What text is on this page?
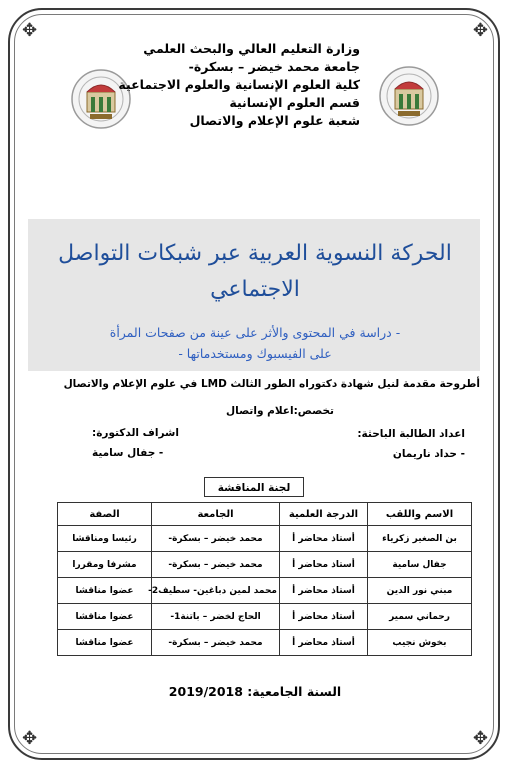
✥	✥
✥	✥
وزارة التعليم العالي والبحث العلمي
جامعة محمد خيضر – بسكرة-
كلية العلوم الإنسانية والعلوم الاجتماعية
قسم العلوم الإنسانية
شعبة علوم الإعلام والاتصال
الحركة النسوية العربية عبر شبكات التواصل الاجتماعي
- دراسة في المحتوى والأثر على عينة من صفحات المرأة
على الفيسبوك ومستخدماتها -
أطروحة مقدمة لنيل شهادة دكتوراه الطور الثالث LMD في علوم الإعلام والاتصال
تخصص:اعلام واتصال
اعداد الطالبة الباحثة:
- حداد ناريمان
اشراف الدكتورة:
- جفال سامية
لجنة المناقشة
الاسم واللقب	الدرجة العلمية	الجامعة	الصفة
بن الصغير زكرياء	أستاذ محاضر أ	محمد خيضر – بسكرة-	رئيسا ومناقشا
جفال سامية	أستاذ محاضر أ	محمد خيضر – بسكرة-	مشرفا ومقررا
مبني نور الدين	أستاذ محاضر أ	محمد لمين دباغين- سطيف2-	عضوا مناقشا
رحماني سمير	أستاذ محاضر أ	الحاج لخضر – باتنة1-	عضوا مناقشا
بخوش نجيب	أستاذ محاضر أ	محمد خيضر – بسكرة-	عضوا مناقشا
السنة الجامعية: 2019/2018
